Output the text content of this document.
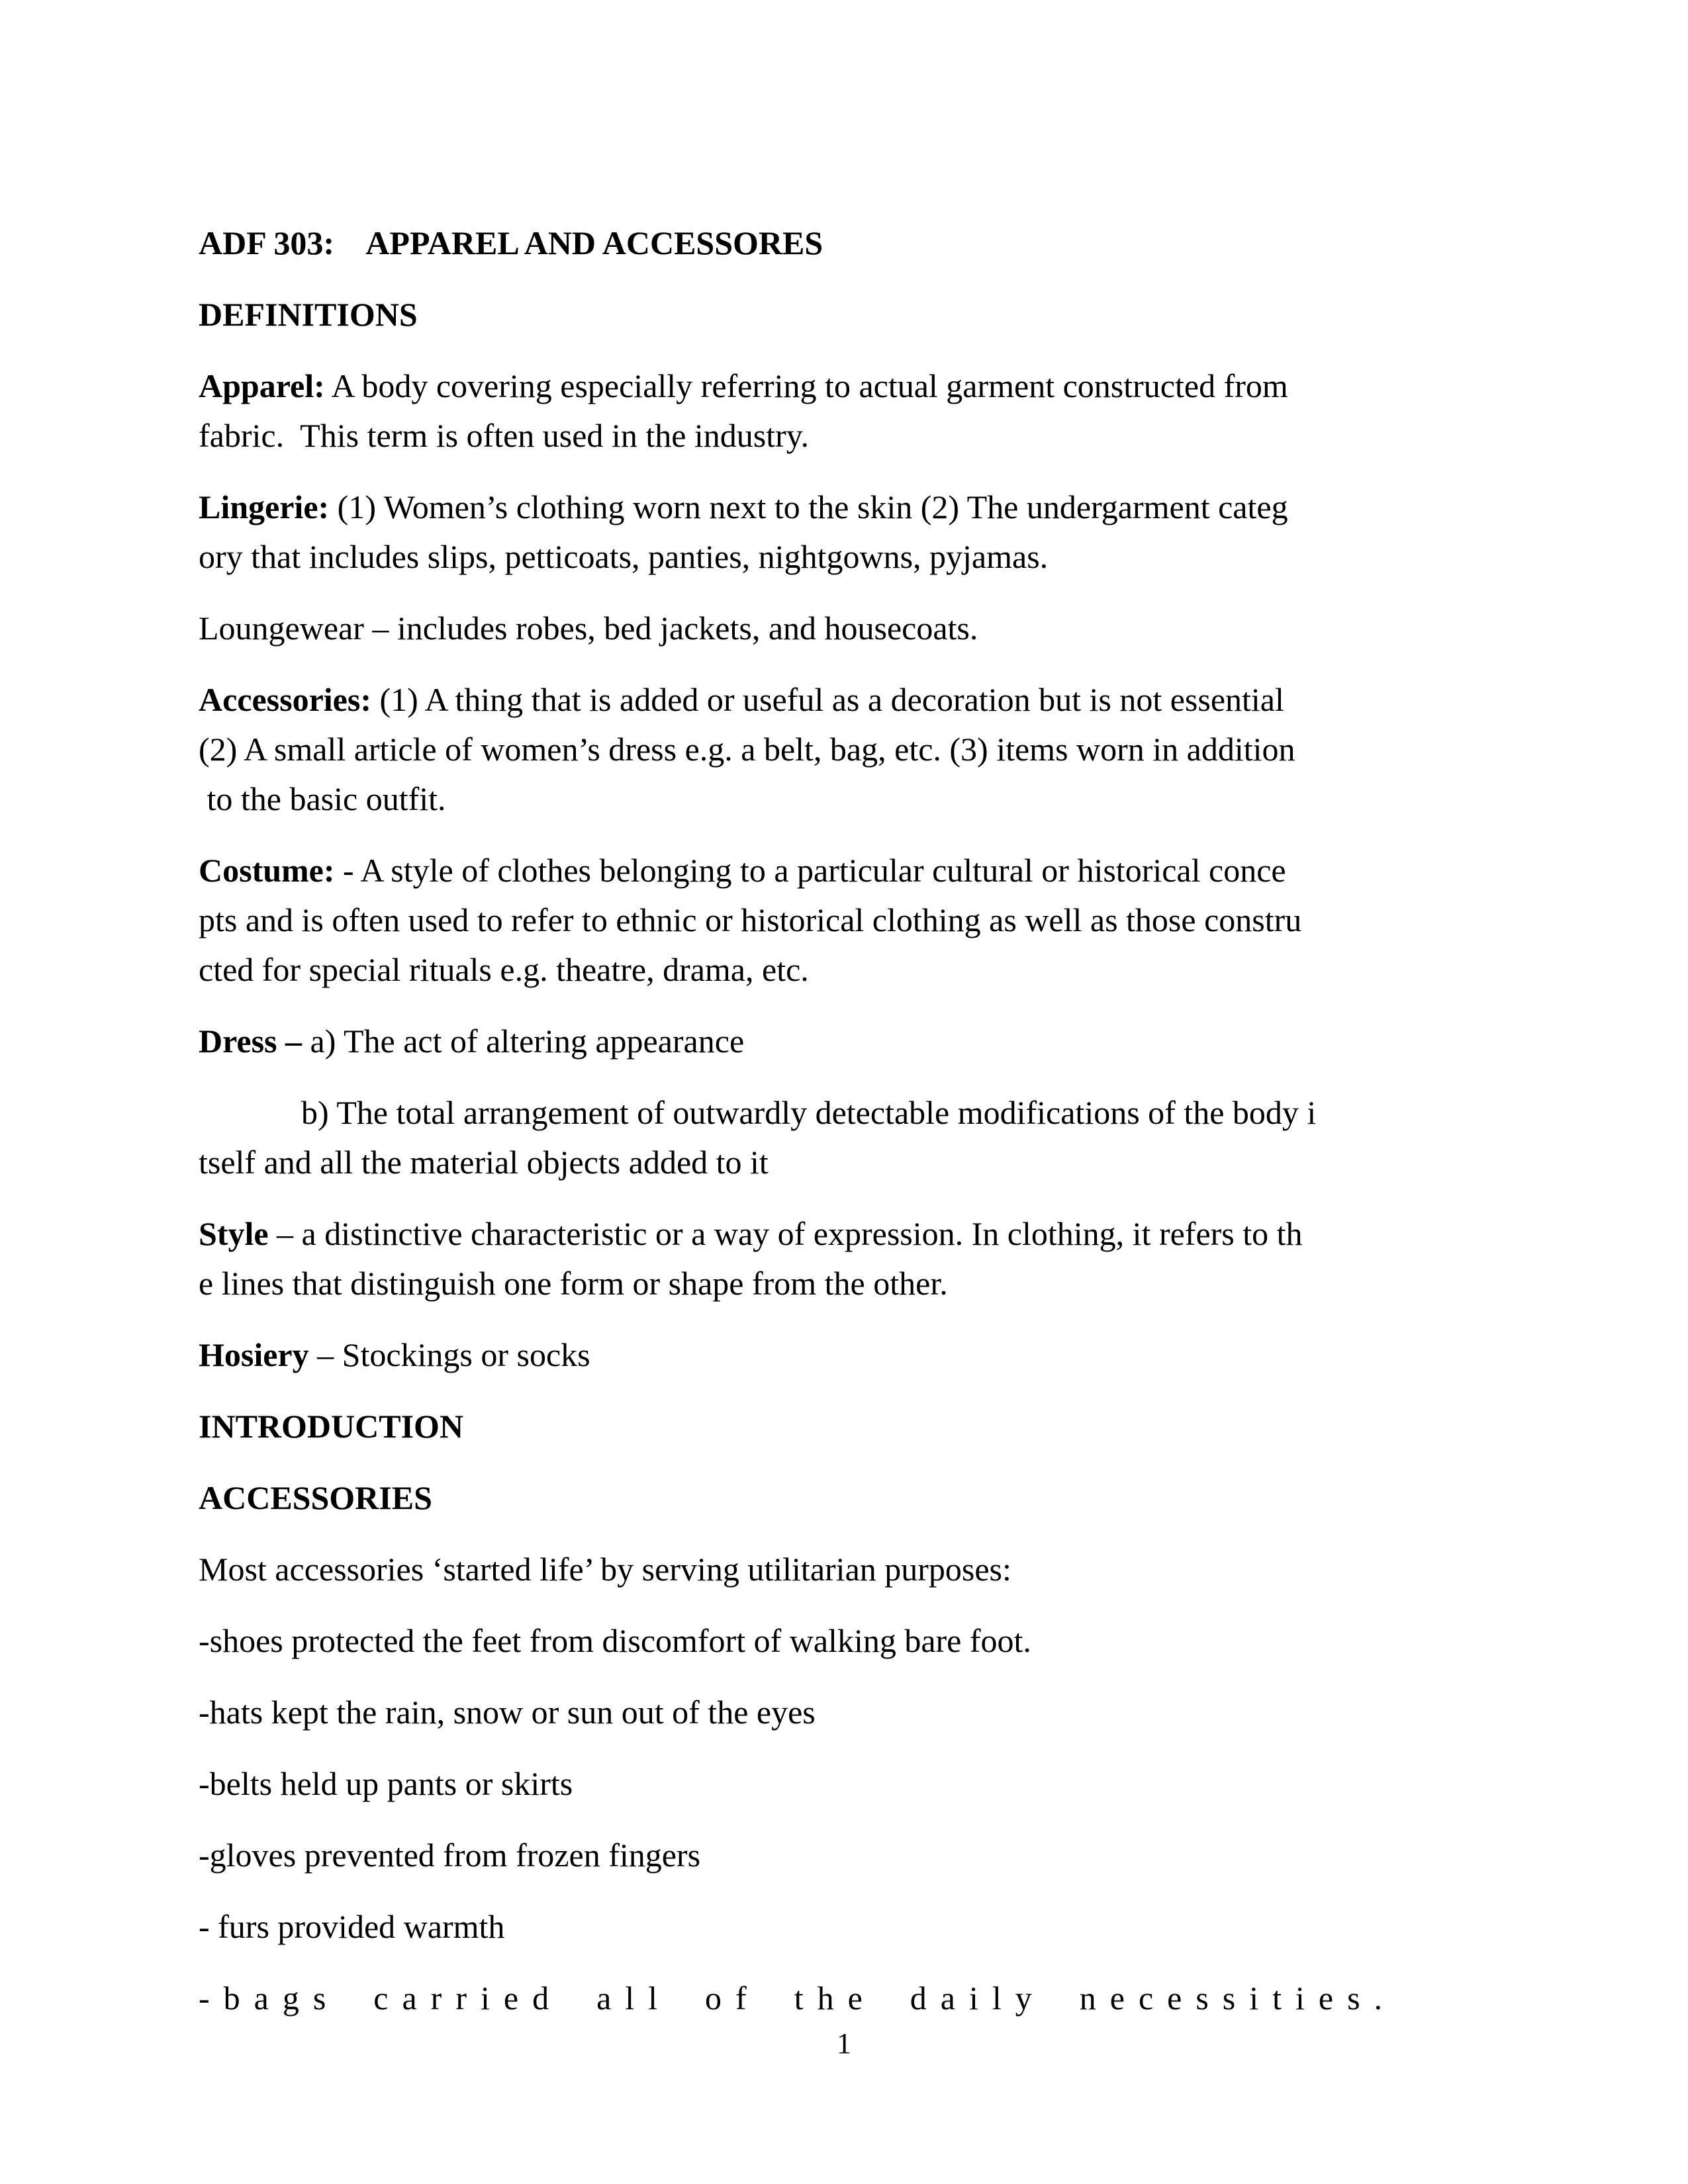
ADF 303:    APPAREL AND ACCESSORES
DEFINITIONS
Apparel: A body covering especially referring to actual garment constructed from
fabric.  This term is often used in the industry.
Lingerie: (1) Women’s clothing worn next to the skin (2) The undergarment categ
ory that includes slips, petticoats, panties, nightgowns, pyjamas.
Loungewear – includes robes, bed jackets, and housecoats.
Accessories: (1) A thing that is added or useful as a decoration but is not essential
(2) A small article of women’s dress e.g. a belt, bag, etc. (3) items worn in addition
to the basic outfit.
Costume: - A style of clothes belonging to a particular cultural or historical conce
pts and is often used to refer to ethnic or historical clothing as well as those constru
cted for special rituals e.g. theatre, drama, etc.
Dress – a) The act of altering appearance
b) The total arrangement of outwardly detectable modifications of the body i
tself and all the material objects added to it
Style – a distinctive characteristic or a way of expression. In clothing, it refers to th
e lines that distinguish one form or shape from the other.
Hosiery – Stockings or socks
INTRODUCTION
ACCESSORIES
Most accessories ‘started life’ by serving utilitarian purposes:
-shoes protected the feet from discomfort of walking bare foot.
-hats kept the rain, snow or sun out of the eyes
-belts held up pants or skirts
-gloves prevented from frozen fingers
- furs provided warmth
-bags carried all of the daily necessities.
1
